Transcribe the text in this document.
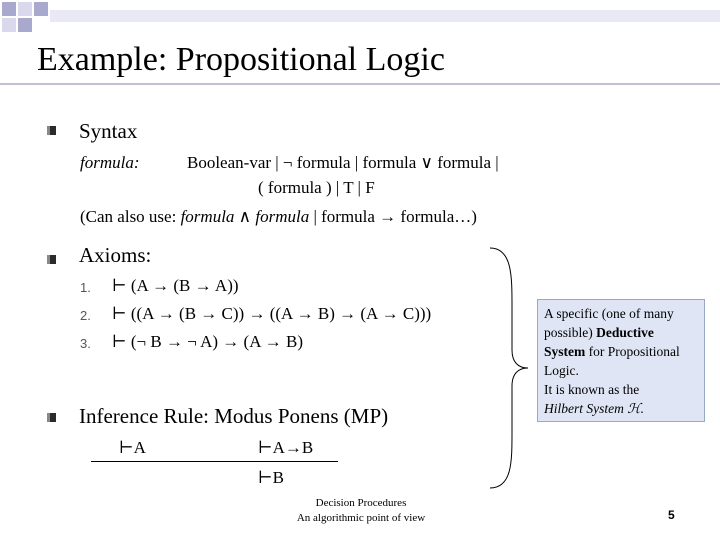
Example: Propositional Logic
Syntax
formula:	Boolean-var | ¬ formula | formula ∨ formula |
( formula ) | T | F
(Can also use: formula ∧ formula | formula → formula…)
Axioms:
1. ⊢ (A → (B → A))
2. ⊢ ((A → (B → C)) → ((A → B) → (A → C)))
3. ⊢ (¬ B → ¬ A) → (A → B)
Inference Rule: Modus Ponens (MP)
⊢A	⊢A→B
⊢B
A specific (one of many possible) Deductive System for Propositional Logic.
It is known as the
Hilbert System ℋ.
Decision Procedures
An algorithmic point of view	5
